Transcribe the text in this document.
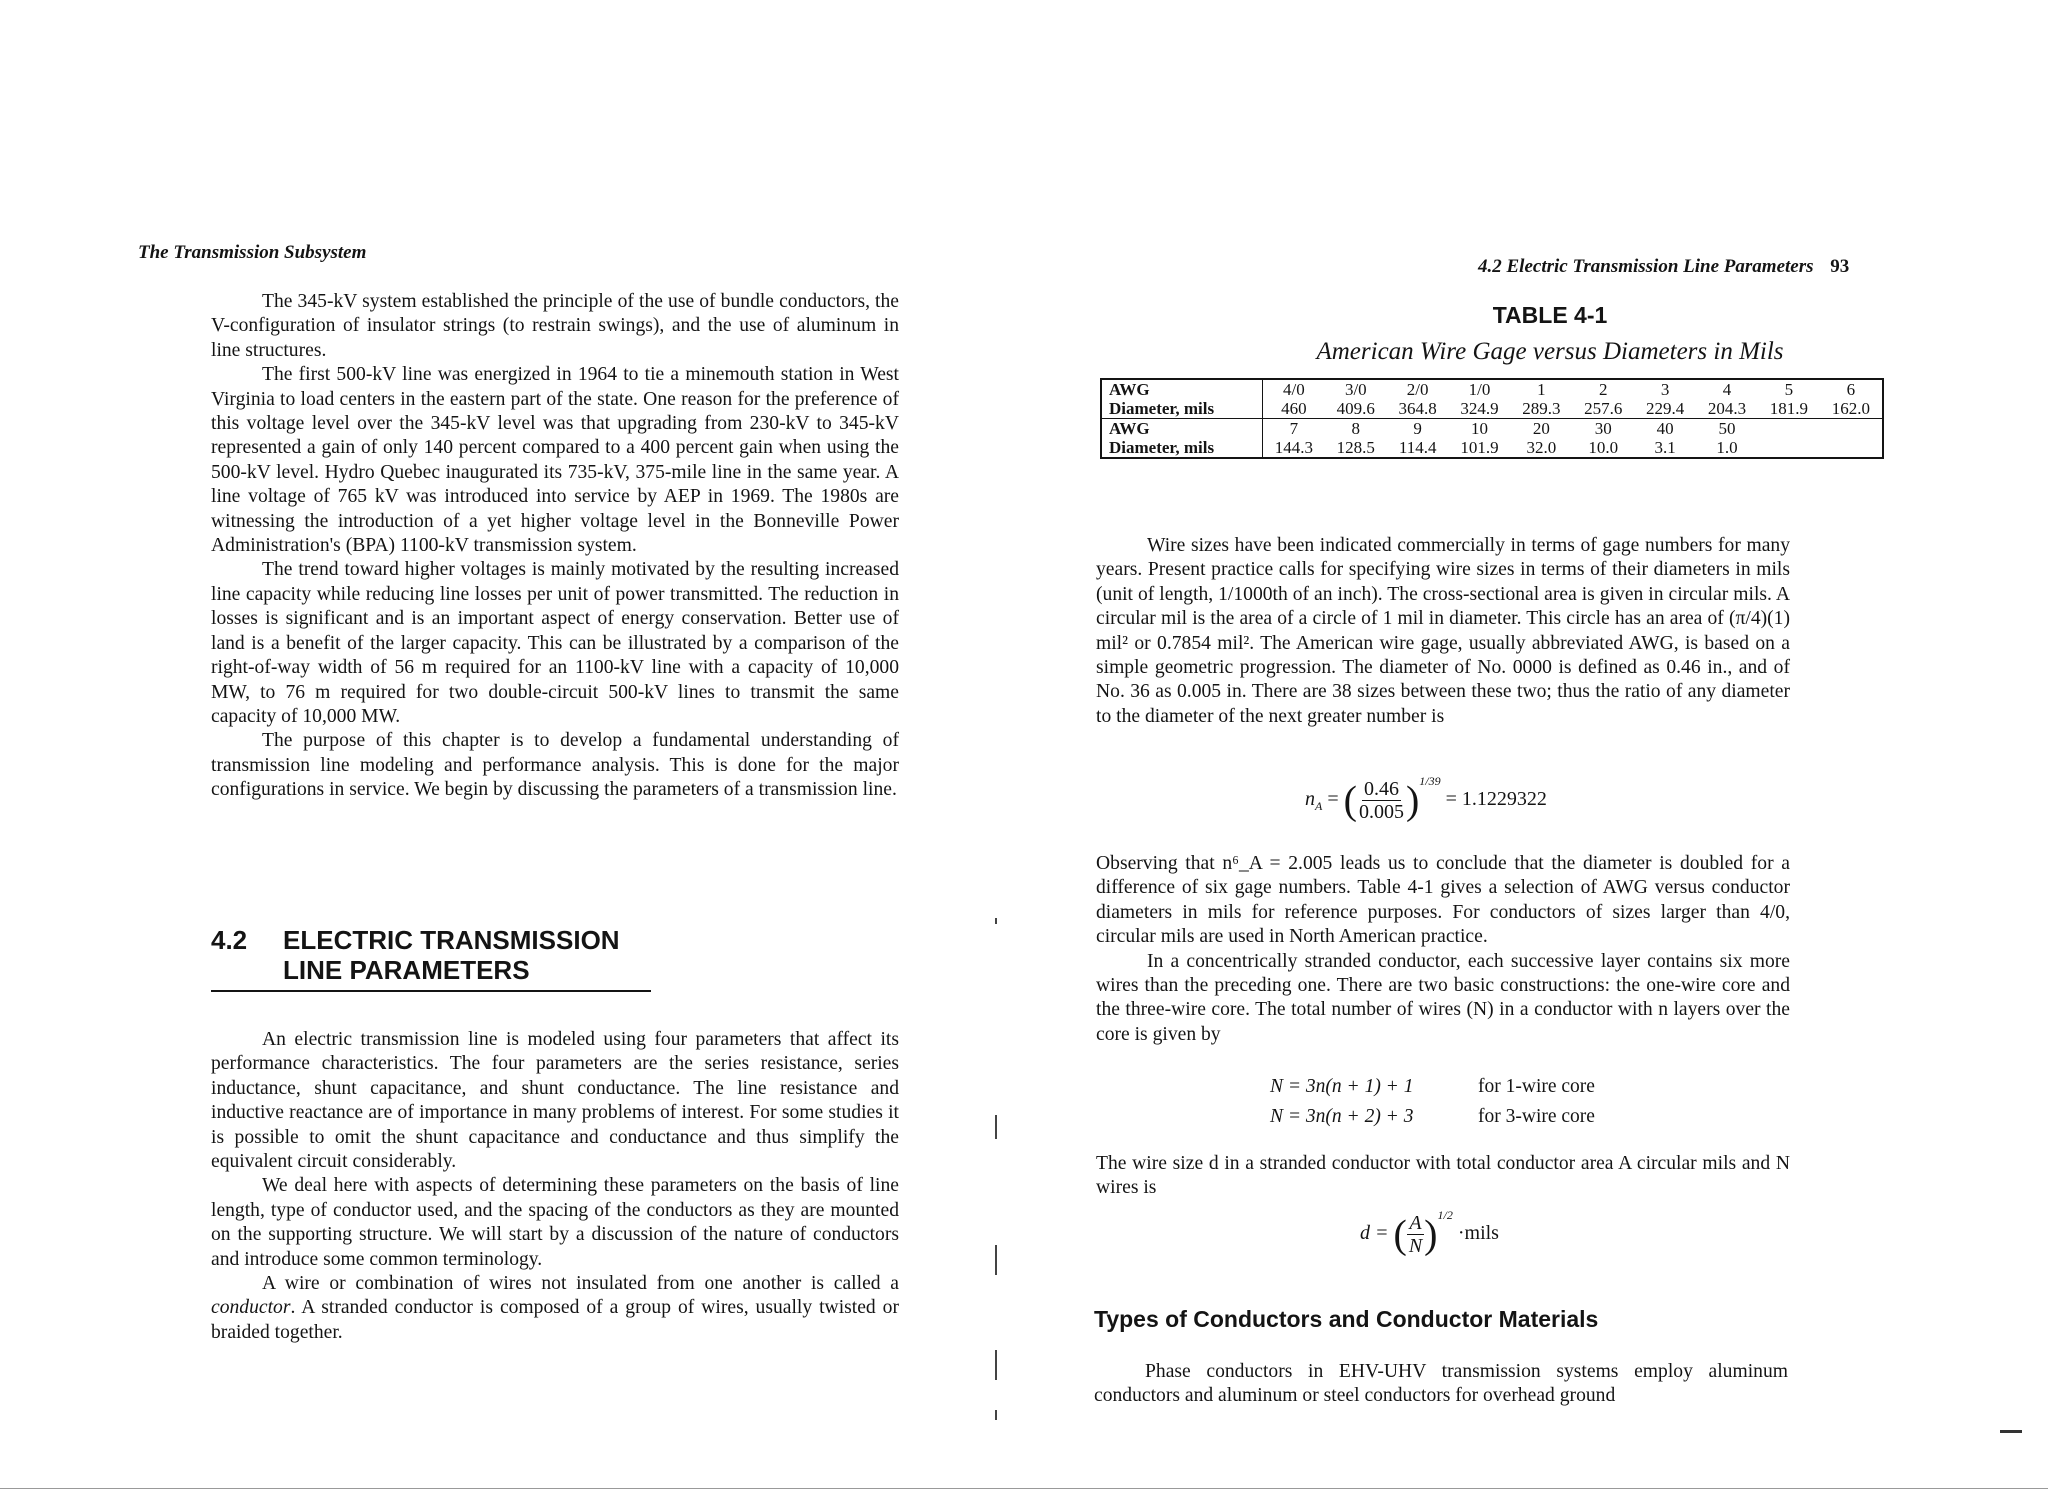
The Transmission Subsystem

The 345-kV system established the principle of the use of bundle conductors, the V-configuration of insulator strings (to restrain swings), and the use of aluminum in line structures.

The first 500-kV line was energized in 1964 to tie a minemouth station in West Virginia to load centers in the eastern part of the state. One reason for the preference of this voltage level over the 345-kV level was that upgrading from 230-kV to 345-kV represented a gain of only 140 percent compared to a 400 percent gain when using the 500-kV level. Hydro Quebec inaugurated its 735-kV, 375-mile line in the same year. A line voltage of 765 kV was introduced into service by AEP in 1969. The 1980s are witnessing the introduction of a yet higher voltage level in the Bonneville Power Administration's (BPA) 1100-kV transmission system.

The trend toward higher voltages is mainly motivated by the resulting increased line capacity while reducing line losses per unit of power transmitted. The reduction in losses is significant and is an important aspect of energy conservation. Better use of land is a benefit of the larger capacity. This can be illustrated by a comparison of the right-of-way width of 56 m required for an 1100-kV line with a capacity of 10,000 MW, to 76 m required for two double-circuit 500-kV lines to transmit the same capacity of 10,000 MW.

The purpose of this chapter is to develop a fundamental understanding of transmission line modeling and performance analysis. This is done for the major configurations in service. We begin by discussing the parameters of a transmission line.

4.2	ELECTRIC TRANSMISSION
LINE PARAMETERS

An electric transmission line is modeled using four parameters that affect its performance characteristics. The four parameters are the series resistance, series inductance, shunt capacitance, and shunt conductance. The line resistance and inductive reactance are of importance in many problems of interest. For some studies it is possible to omit the shunt capacitance and conductance and thus simplify the equivalent circuit considerably.

We deal here with aspects of determining these parameters on the basis of line length, type of conductor used, and the spacing of the conductors as they are mounted on the supporting structure. We will start by a discussion of the nature of conductors and introduce some common terminology.

A wire or combination of wires not insulated from one another is called a conductor. A stranded conductor is composed of a group of wires, usually twisted or braided together.

4.2 Electric Transmission Line Parameters 93
TABLE 4-1
American Wire Gage versus Diameters in Mils
AWG	4/0	3/0	2/0	1/0	1	2	3	4	5	6
Diameter, mils	460	409.6	364.8	324.9	289.3	257.6	229.4	204.3	181.9	162.0
AWG	7	8	9	10	20	30	40	50		
Diameter, mils	144.3	128.5	114.4	101.9	32.0	10.0	3.1	1.0		

Wire sizes have been indicated commercially in terms of gage numbers for many years. Present practice calls for specifying wire sizes in terms of their diameters in mils (unit of length, 1/1000th of an inch). The cross-sectional area is given in circular mils. A circular mil is the area of a circle of 1 mil in diameter. This circle has an area of (π/4)(1) mil² or 0.7854 mil². The American wire gage, usually abbreviated AWG, is based on a simple geometric progression. The diameter of No. 0000 is defined as 0.46 in., and of No. 36 as 0.005 in. There are 38 sizes between these two; thus the ratio of any diameter to the diameter of the next greater number is

$n_A$ = ( $\frac{0.46}{0.005} )^{1/39} = 1.1229322$

Observing that n⁶_A = 2.005 leads us to conclude that the diameter is doubled for a difference of six gage numbers. Table 4-1 gives a selection of AWG versus conductor diameters in mils for reference purposes. For conductors of sizes larger than 4/0, circular mils are used in North American practice.

In a concentrically stranded conductor, each successive layer contains six more wires than the preceding one. There are two basic constructions: the one-wire core and the three-wire core. The total number of wires (N) in a conductor with n layers over the core is given by

N = 3n(n + 1) + 1	for 1-wire core
N = 3n(n + 2) + 3	for 3-wire core

The wire size d in a stranded conductor with total conductor area A circular mils and N wires is

d = ( $\frac{A}{N} )^{1/2}$ ·mils
Types of Conductors and Conductor Materials

Phase conductors in EHV-UHV transmission systems employ aluminum conductors and aluminum or steel conductors for overhead ground
